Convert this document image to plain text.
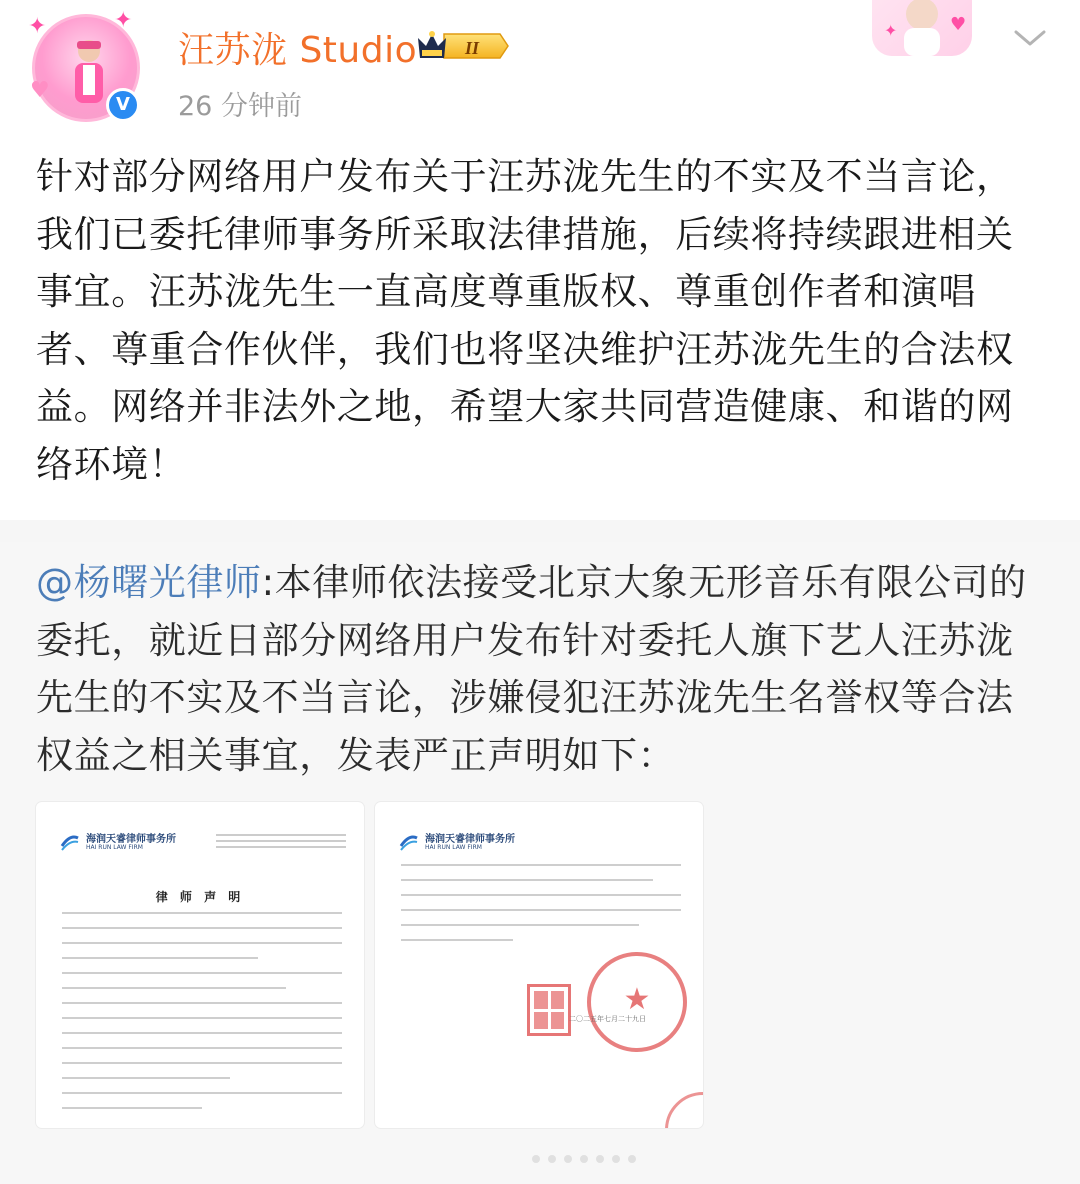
✦	✦
♥
V
汪苏泷 Studio	II
26 分钟前
✦	♥
针对部分网络用户发布关于汪苏泷先生的不实及不当言论，我们已委托律师事务所采取法律措施，后续将持续跟进相关事宜。汪苏泷先生一直高度尊重版权、尊重创作者和演唱者、尊重合作伙伴，我们也将坚决维护汪苏泷先生的合法权益。网络并非法外之地，希望大家共同营造健康、和谐的网络环境！
@杨曙光律师:本律师依法接受北京大象无形音乐有限公司的委托，就近日部分网络用户发布针对委托人旗下艺人汪苏泷先生的不实及不当言论，涉嫌侵犯汪苏泷先生名誉权等合法权益之相关事宜，发表严正声明如下：
海润天睿律师事务所
HAI RUN LAW FIRM
律 师 声 明
海润天睿律师事务所
HAI RUN LAW FIRM
★
二〇二五年七月二十九日
